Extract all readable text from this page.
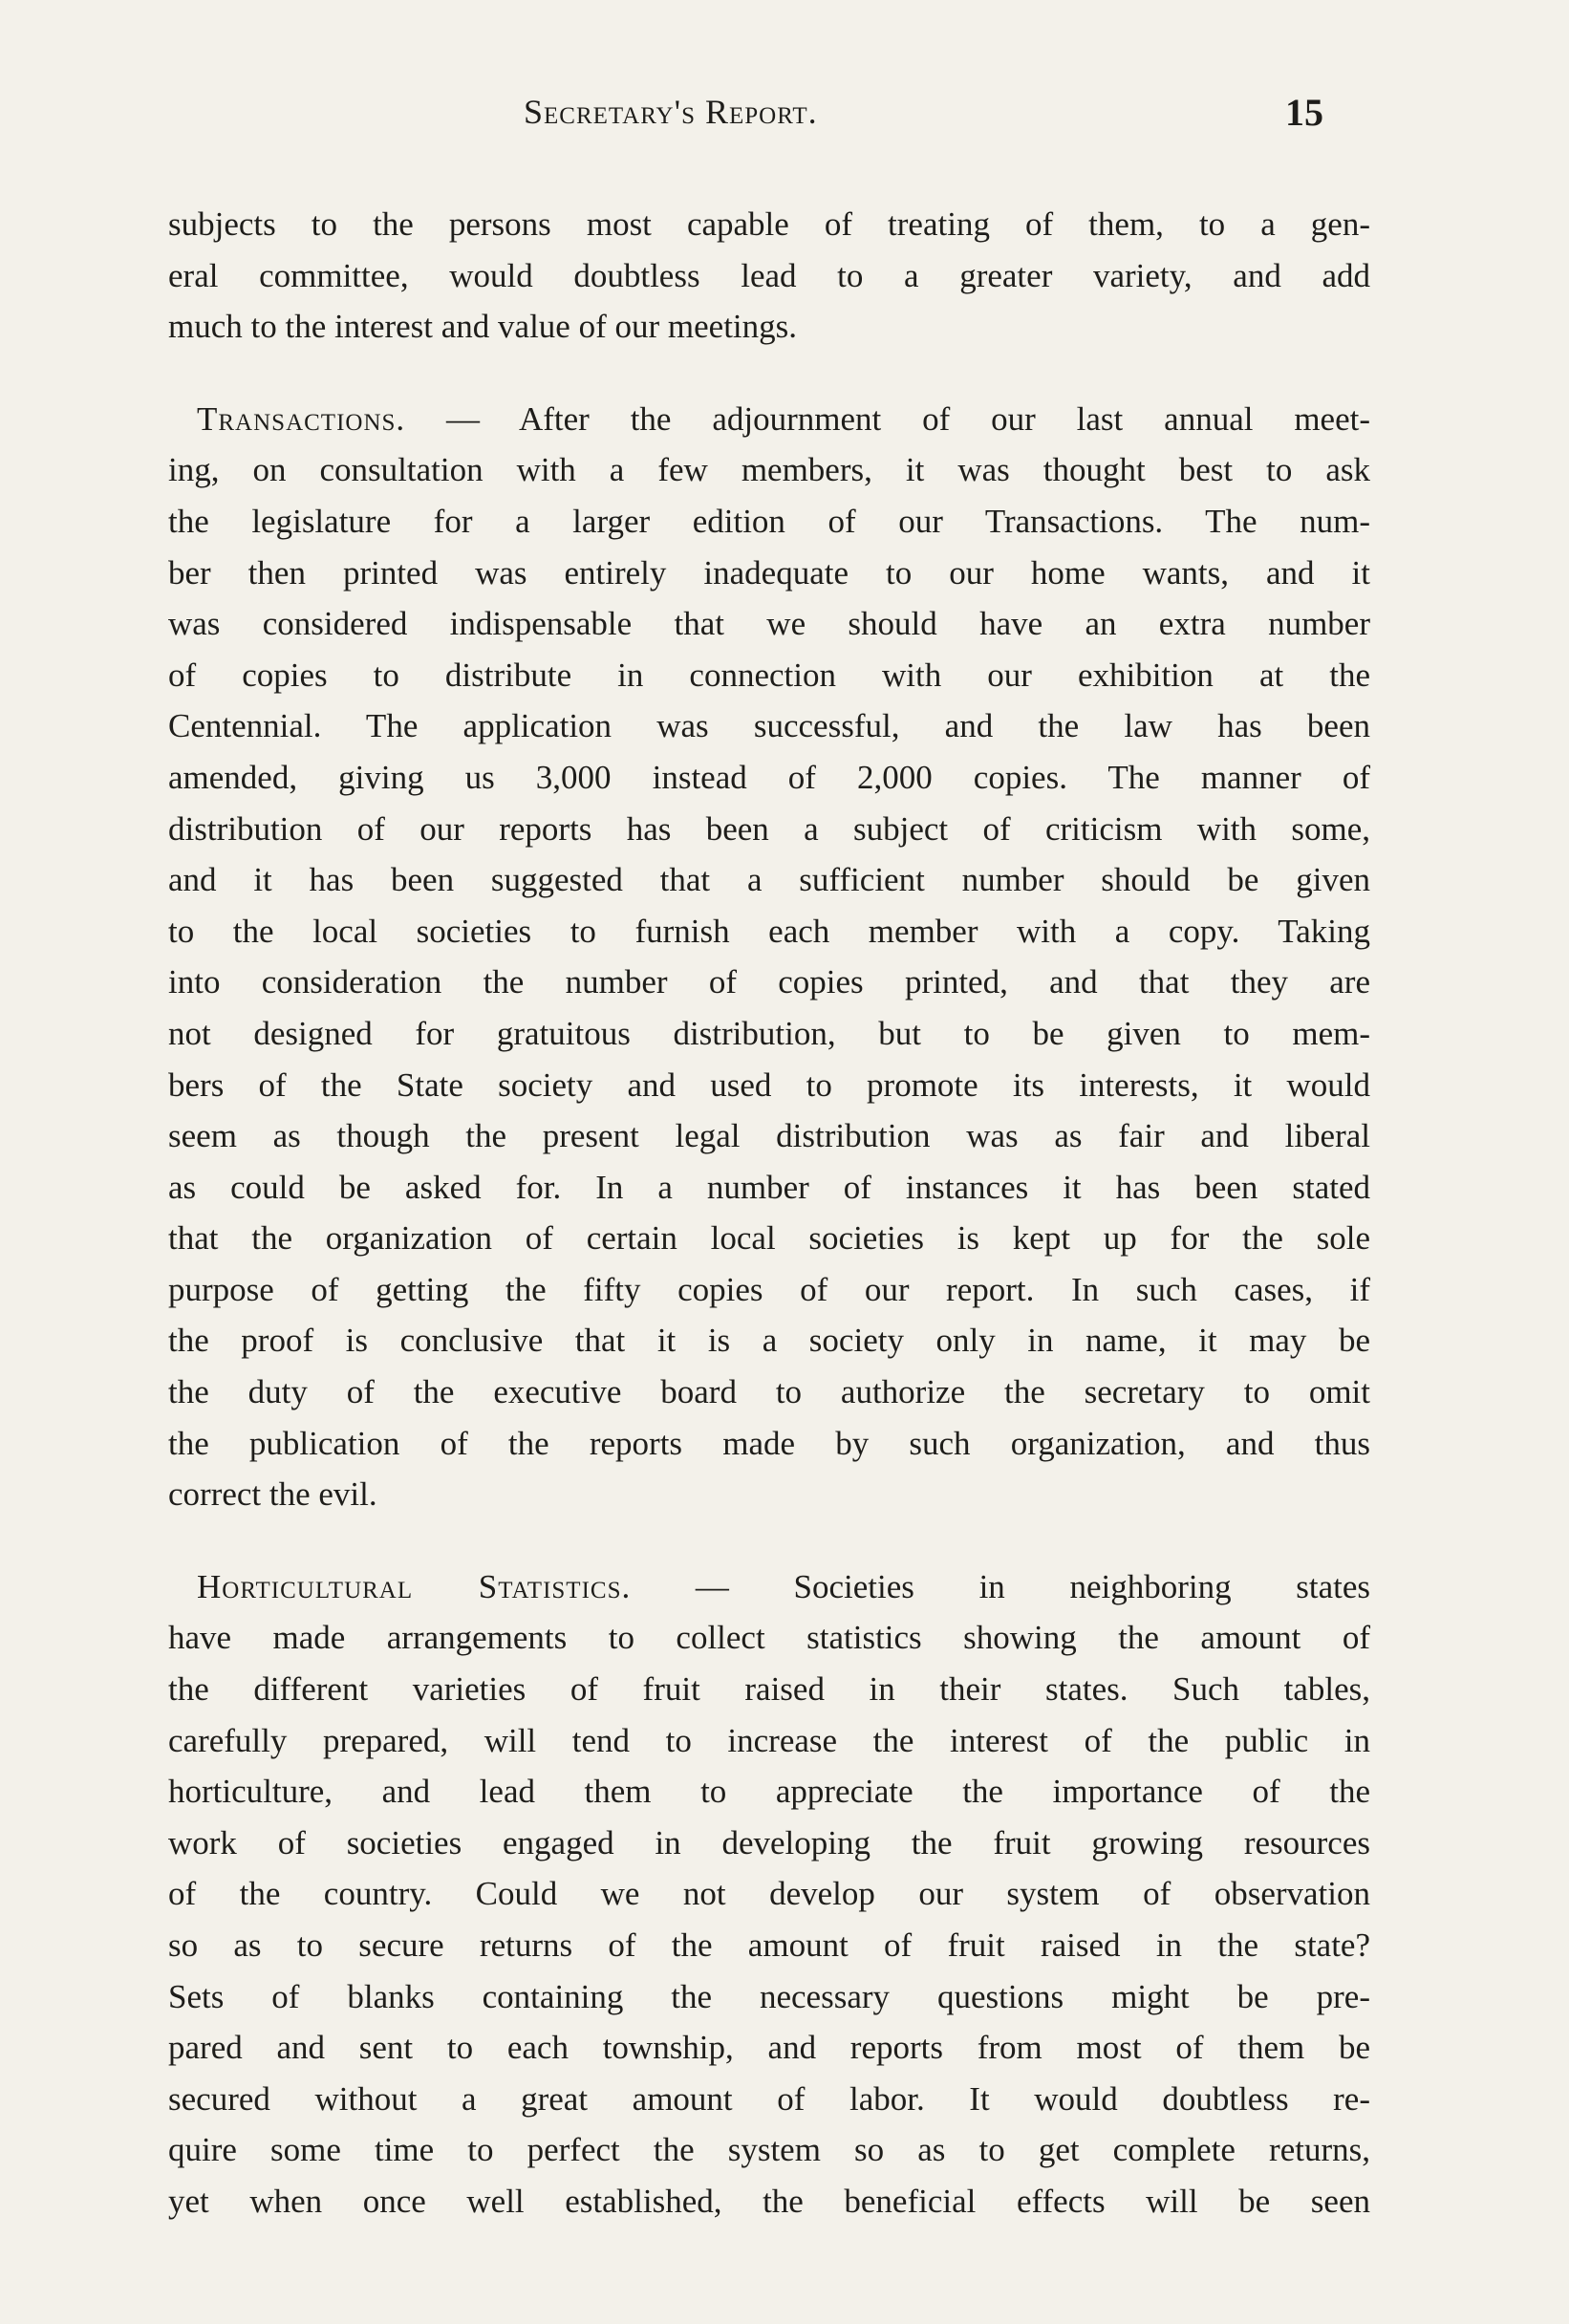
Secretary's Report.	15
subjects to the persons most capable of treating of them, to a gen-
eral committee, would doubtless lead to a greater variety, and add
much to the interest and value of our meetings.
Transactions. — After the adjournment of our last annual meet-
ing, on consultation with a few members, it was thought best to ask
the legislature for a larger edition of our Transactions. The num-
ber then printed was entirely inadequate to our home wants, and it
was considered indispensable that we should have an extra number
of copies to distribute in connection with our exhibition at the
Centennial. The application was successful, and the law has been
amended, giving us 3,000 instead of 2,000 copies. The manner of
distribution of our reports has been a subject of criticism with some,
and it has been suggested that a sufficient number should be given
to the local societies to furnish each member with a copy. Taking
into consideration the number of copies printed, and that they are
not designed for gratuitous distribution, but to be given to mem-
bers of the State society and used to promote its interests, it would
seem as though the present legal distribution was as fair and liberal
as could be asked for. In a number of instances it has been stated
that the organization of certain local societies is kept up for the sole
purpose of getting the fifty copies of our report. In such cases, if
the proof is conclusive that it is a society only in name, it may be
the duty of the executive board to authorize the secretary to omit
the publication of the reports made by such organization, and thus
correct the evil.
Horticultural Statistics. — Societies in neighboring states
have made arrangements to collect statistics showing the amount of
the different varieties of fruit raised in their states. Such tables,
carefully prepared, will tend to increase the interest of the public in
horticulture, and lead them to appreciate the importance of the
work of societies engaged in developing the fruit growing resources
of the country. Could we not develop our system of observation
so as to secure returns of the amount of fruit raised in the state?
Sets of blanks containing the necessary questions might be pre-
pared and sent to each township, and reports from most of them be
secured without a great amount of labor. It would doubtless re-
quire some time to perfect the system so as to get complete returns,
yet when once well established, the beneficial effects will be seen
